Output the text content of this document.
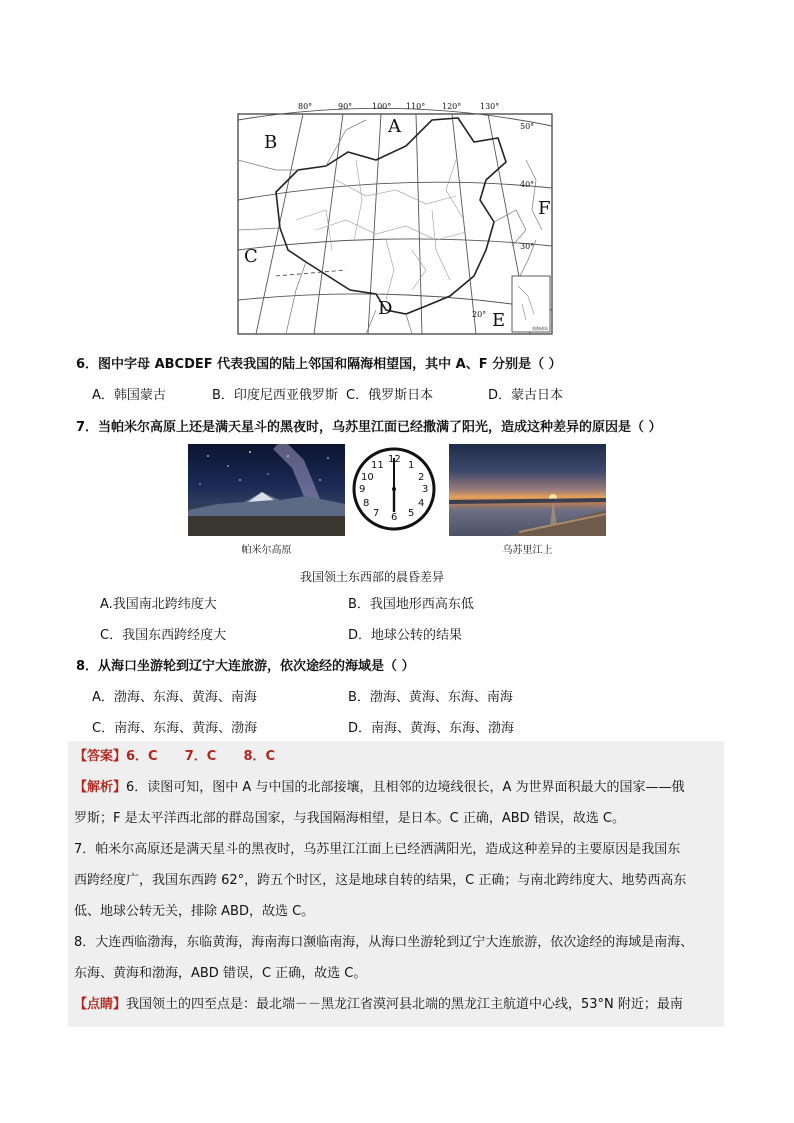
80°	90° 100° 110° 120° 130°
50°
40°
30°
20°
A
B
C
D
E
F
南海诸岛
6．图中字母 ABCDEF 代表我国的陆上邻国和隔海相望国，其中 A、F 分别是（ ）
A．韩国蒙古	B．印度尼西亚俄罗斯 C．俄罗斯日本	D．蒙古日本
7．当帕米尔高原上还是满天星斗的黑夜时，乌苏里江面已经撒满了阳光，造成这种差异的原因是（ ）
12
1
2
3
4
5
6
7
8
9
10
11
帕米尔高原	乌苏里江上
我国领土东西部的晨昏差异
A.我国南北跨纬度大	B．我国地形西高东低
C．我国东西跨经度大	D．地球公转的结果
8．从海口坐游轮到辽宁大连旅游，依次途经的海域是（ ）
A．渤海、东海、黄海、南海	B．渤海、黄海、东海、南海
C．南海、东海、黄海、渤海	D．南海、黄海、东海、渤海
【答案】6．C      7．C      8．C
【解析】6．读图可知，图中 A 与中国的北部接壤，且相邻的边境线很长，A 为世界面积最大的国家——俄
罗斯；F 是太平洋西北部的群岛国家，与我国隔海相望，是日本。C 正确，ABD 错误，故选 C。
7．帕米尔高原还是满天星斗的黑夜时，乌苏里江江面上已经洒满阳光，造成这种差异的主要原因是我国东
西跨经度广，我国东西跨 62°，跨五个时区，这是地球自转的结果，C 正确；与南北跨纬度大、地势西高东
低、地球公转无关，排除 ABD，故选 C。
8．大连西临渤海，东临黄海，海南海口濒临南海，从海口坐游轮到辽宁大连旅游，依次途经的海域是南海、
东海、黄海和渤海，ABD 错误，C 正确，故选 C。
【点睛】我国领土的四至点是：最北端－－黑龙江省漠河县北端的黑龙江主航道中心线，53°N 附近；最南
